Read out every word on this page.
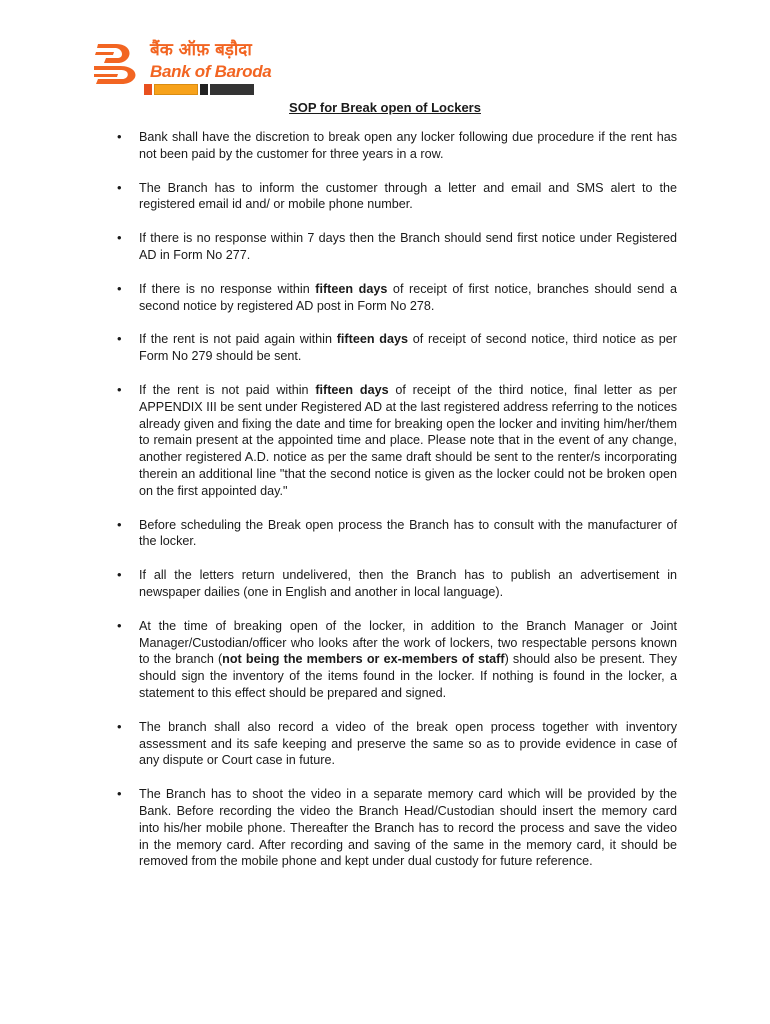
बैंक ऑफ़ बड़ौदा
Bank of Baroda
SOP for Break open of Lockers
• Bank shall have the discretion to break open any locker following due procedure if the rent has not been paid by the customer for three years in a row.
• The Branch has to inform the customer through a letter and email and SMS alert to the registered email id and/ or mobile phone number.
• If there is no response within 7 days then the Branch should send first notice under Registered AD in Form No 277.
• If there is no response within fifteen days of receipt of first notice, branches should send a second notice by registered AD post in Form No 278.
• If the rent is not paid again within fifteen days of receipt of second notice, third notice as per Form No 279 should be sent.
• If the rent is not paid within fifteen days of receipt of the third notice, final letter as per APPENDIX III be sent under Registered AD at the last registered address referring to the notices already given and fixing the date and time for breaking open the locker and inviting him/her/them to remain present at the appointed time and place. Please note that in the event of any change, another registered A.D. notice as per the same draft should be sent to the renter/s incorporating therein an additional line "that the second notice is given as the locker could not be broken open on the first appointed day."
• Before scheduling the Break open process the Branch has to consult with the manufacturer of the locker.
• If all the letters return undelivered, then the Branch has to publish an advertisement in newspaper dailies (one in English and another in local language).
• At the time of breaking open of the locker, in addition to the Branch Manager or Joint Manager/Custodian/officer who looks after the work of lockers, two respectable persons known to the branch (not being the members or ex-members of staff) should also be present. They should sign the inventory of the items found in the locker. If nothing is found in the locker, a statement to this effect should be prepared and signed.
• The branch shall also record a video of the break open process together with inventory assessment and its safe keeping and preserve the same so as to provide evidence in case of any dispute or Court case in future.
• The Branch has to shoot the video in a separate memory card which will be provided by the Bank. Before recording the video the Branch Head/Custodian should insert the memory card into his/her mobile phone. Thereafter the Branch has to record the process and save the video in the memory card. After recording and saving of the same in the memory card, it should be removed from the mobile phone and kept under dual custody for future reference.
